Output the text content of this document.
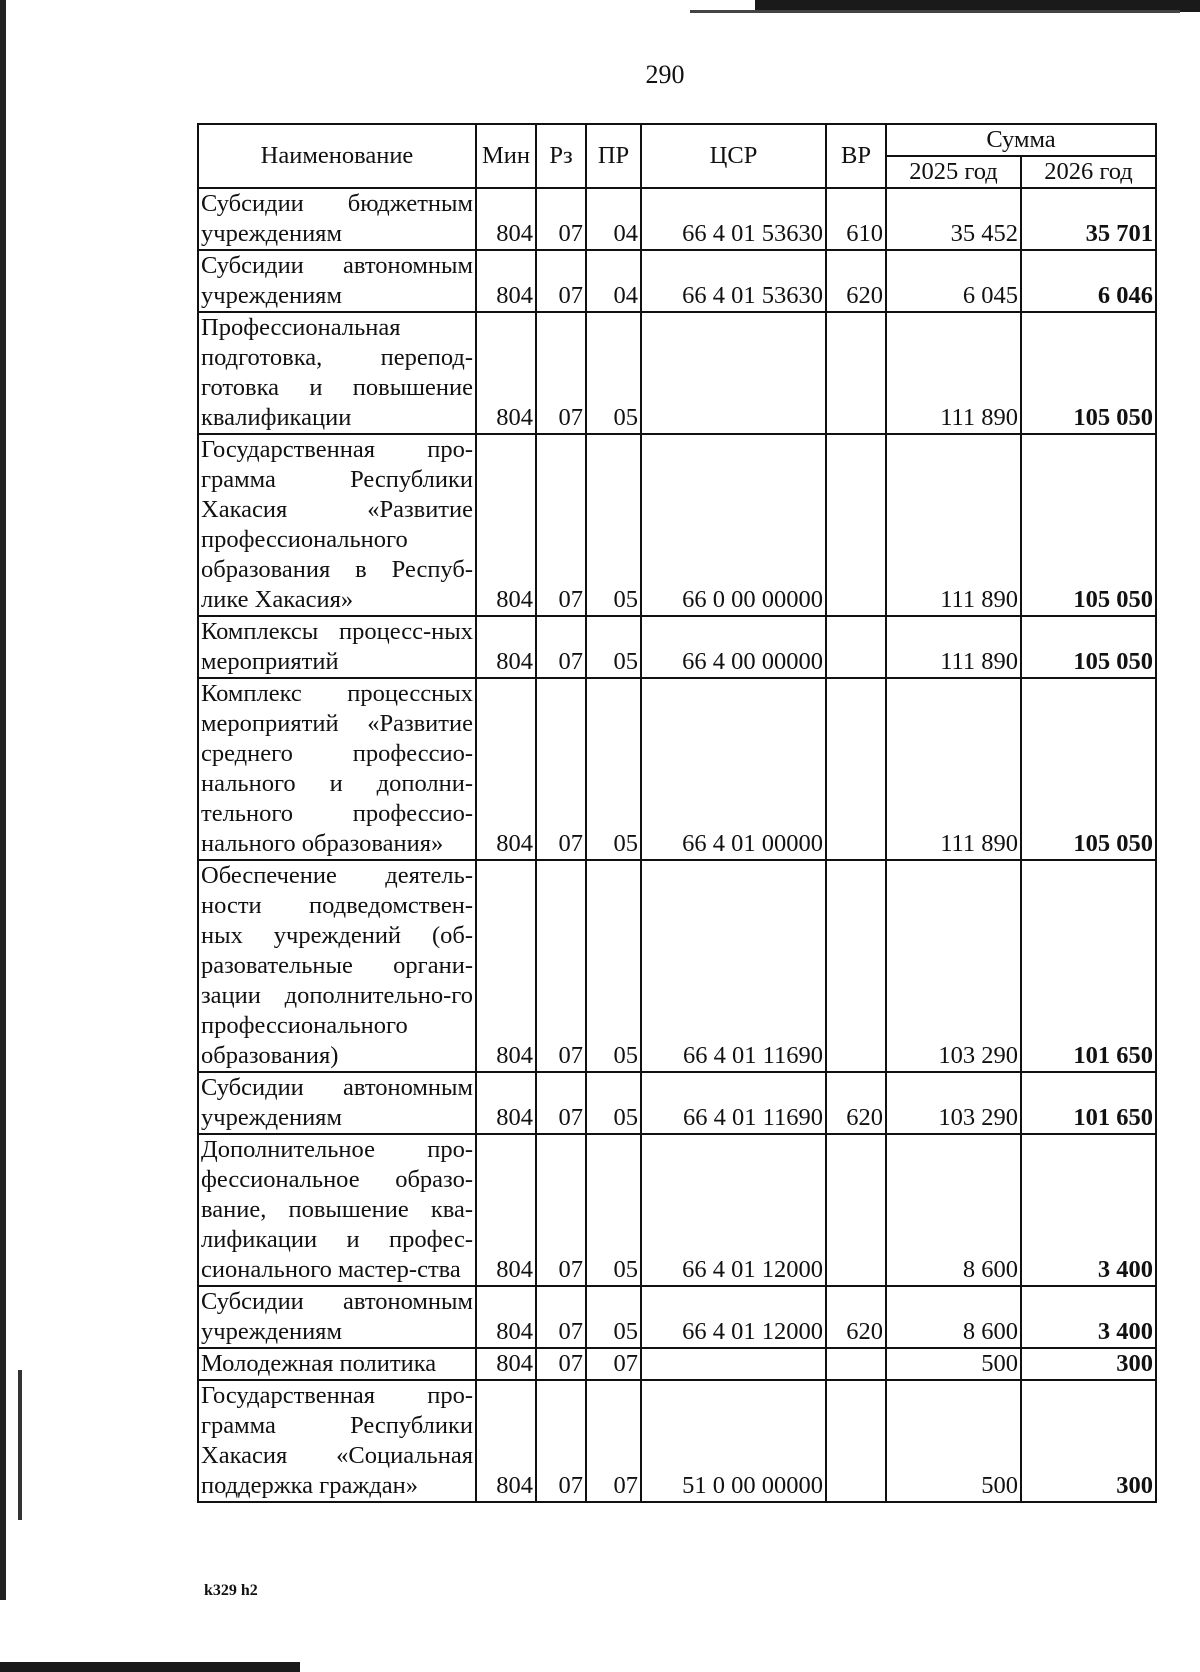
290
Наименование	Мин	Рз	ПР	ЦСР	ВР	Сумма	
						2025 год	2026 год
Субсидии бюджетным учреждениям	804	07	04	66 4 01 53630	610	35 452	35 701
Субсидии автономным учреждениям	804	07	04	66 4 01 53630	620	6 045	6 046
Профессиональная подготовка, перепод-готовка и повышение квалификации	804	07	05			111 890	105 050
Государственная про-грамма Республики Хакасия «Развитие профессионального образования в Респуб-лике Хакасия»	804	07	05	66 0 00 00000		111 890	105 050
Комплексы процесс-ных мероприятий	804	07	05	66 4 00 00000		111 890	105 050
Комплекс процессных мероприятий «Развитие среднего профессио-нального и дополни-тельного профессио-нального образования»	804	07	05	66 4 01 00000		111 890	105 050
Обеспечение деятель-ности подведомствен-ных учреждений (об-разовательные органи-зации дополнительно-го профессионального образования)	804	07	05	66 4 01 11690		103 290	101 650
Субсидии автономным учреждениям	804	07	05	66 4 01 11690	620	103 290	101 650
Дополнительное про-фессиональное образо-вание, повышение ква-лификации и профес-сионального мастер-ства	804	07	05	66 4 01 12000		8 600	3 400
Субсидии автономным учреждениям	804	07	05	66 4 01 12000	620	8 600	3 400
Молодежная политика	804	07	07			500	300
Государственная про-грамма Республики Хакасия «Социальная поддержка граждан»	804	07	07	51 0 00 00000		500	300
k329 h2
